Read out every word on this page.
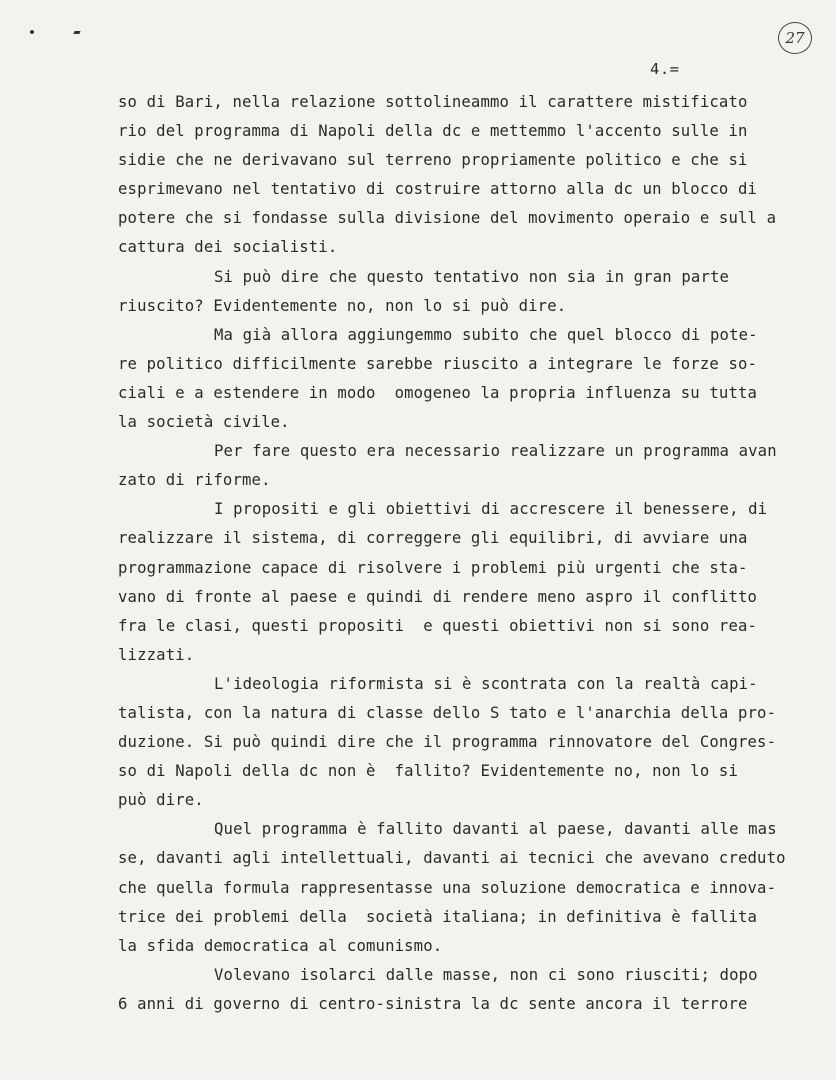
27
4.=
so di Bari, nella relazione sottolineammo il carattere mistificato
rio del programma di Napoli della dc e mettemmo l'accento sulle in
sidie che ne derivavano sul terreno propriamente politico e che si
esprimevano nel tentativo di costruire attorno alla dc un blocco di
potere che si fondasse sulla divisione del movimento operaio e sull a
cattura dei socialisti.
Si può dire che questo tentativo non sia in gran parte
riuscito? Evidentemente no, non lo si può dire.
Ma già allora aggiungemmo subito che quel blocco di pote-
re politico difficilmente sarebbe riuscito a integrare le forze so-
ciali e a estendere in modo  omogeneo la propria influenza su tutta
la società civile.
Per fare questo era necessario realizzare un programma avan
zato di riforme.
I propositi e gli obiettivi di accrescere il benessere, di
realizzare il sistema, di correggere gli equilibri, di avviare una
programmazione capace di risolvere i problemi più urgenti che sta-
vano di fronte al paese e quindi di rendere meno aspro il conflitto
fra le clasi, questi propositi  e questi obiettivi non si sono rea-
lizzati.
L'ideologia riformista si è scontrata con la realtà capi-
talista, con la natura di classe dello S tato e l'anarchia della pro-
duzione. Si può quindi dire che il programma rinnovatore del Congres-
so di Napoli della dc non è  fallito? Evidentemente no, non lo si
può dire.
Quel programma è fallito davanti al paese, davanti alle mas
se, davanti agli intellettuali, davanti ai tecnici che avevano creduto
che quella formula rappresentasse una soluzione democratica e innova-
trice dei problemi della  società italiana; in definitiva è fallita
la sfida democratica al comunismo.
Volevano isolarci dalle masse, non ci sono riusciti; dopo
6 anni di governo di centro-sinistra la dc sente ancora il terrore
